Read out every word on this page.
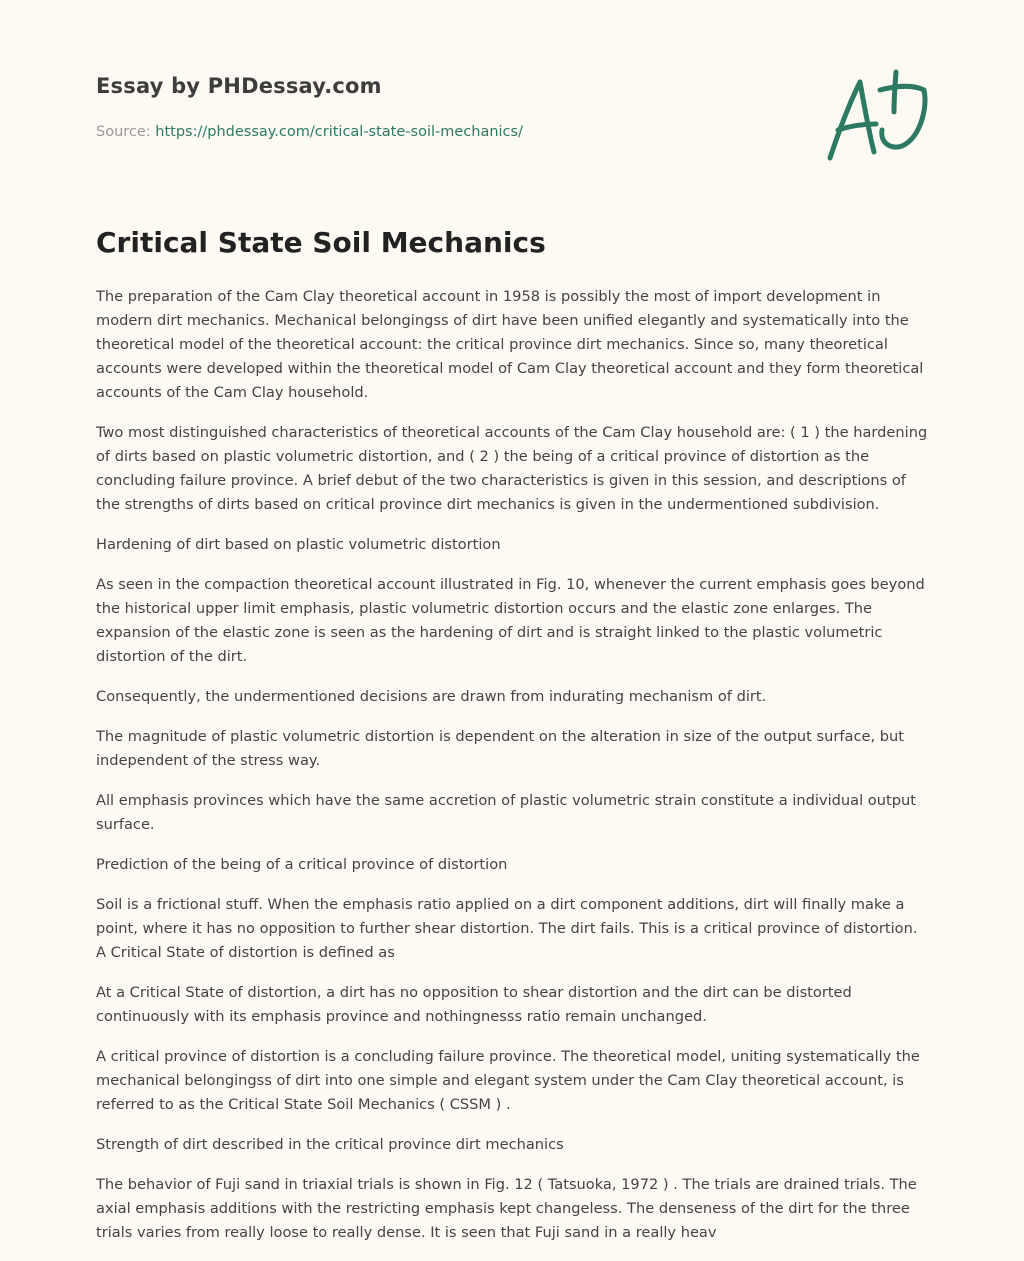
Essay by PHDessay.com

Source: https://phdessay.com/critical-state-soil-mechanics/

Critical State Soil Mechanics

The preparation of the Cam Clay theoretical account in 1958 is possibly the most of import development in modern dirt mechanics. Mechanical belongingss of dirt have been unified elegantly and systematically into the theoretical model of the theoretical account: the critical province dirt mechanics. Since so, many theoretical accounts were developed within the theoretical model of Cam Clay theoretical account and they form theoretical accounts of the Cam Clay household.

Two most distinguished characteristics of theoretical accounts of the Cam Clay household are: ( 1 ) the hardening of dirts based on plastic volumetric distortion, and ( 2 ) the being of a critical province of distortion as the concluding failure province. A brief debut of the two characteristics is given in this session, and descriptions of the strengths of dirts based on critical province dirt mechanics is given in the undermentioned subdivision.

Hardening of dirt based on plastic volumetric distortion

As seen in the compaction theoretical account illustrated in Fig. 10, whenever the current emphasis goes beyond the historical upper limit emphasis, plastic volumetric distortion occurs and the elastic zone enlarges. The expansion of the elastic zone is seen as the hardening of dirt and is straight linked to the plastic volumetric distortion of the dirt.

Consequently, the undermentioned decisions are drawn from indurating mechanism of dirt.

The magnitude of plastic volumetric distortion is dependent on the alteration in size of the output surface, but independent of the stress way.

All emphasis provinces which have the same accretion of plastic volumetric strain constitute a individual output surface.

Prediction of the being of a critical province of distortion

Soil is a frictional stuff. When the emphasis ratio applied on a dirt component additions, dirt will finally make a point, where it has no opposition to further shear distortion. The dirt fails. This is a critical province of distortion. A Critical State of distortion is defined as

At a Critical State of distortion, a dirt has no opposition to shear distortion and the dirt can be distorted continuously with its emphasis province and nothingnesss ratio remain unchanged.

A critical province of distortion is a concluding failure province. The theoretical model, uniting systematically the mechanical belongingss of dirt into one simple and elegant system under the Cam Clay theoretical account, is referred to as the Critical State Soil Mechanics ( CSSM ) .

Strength of dirt described in the critical province dirt mechanics

The behavior of Fuji sand in triaxial trials is shown in Fig. 12 ( Tatsuoka, 1972 ) . The trials are drained trials. The axial emphasis additions with the restricting emphasis kept changeless. The denseness of the dirt for the three trials varies from really loose to really dense. It is seen that Fuji sand in a really heav
